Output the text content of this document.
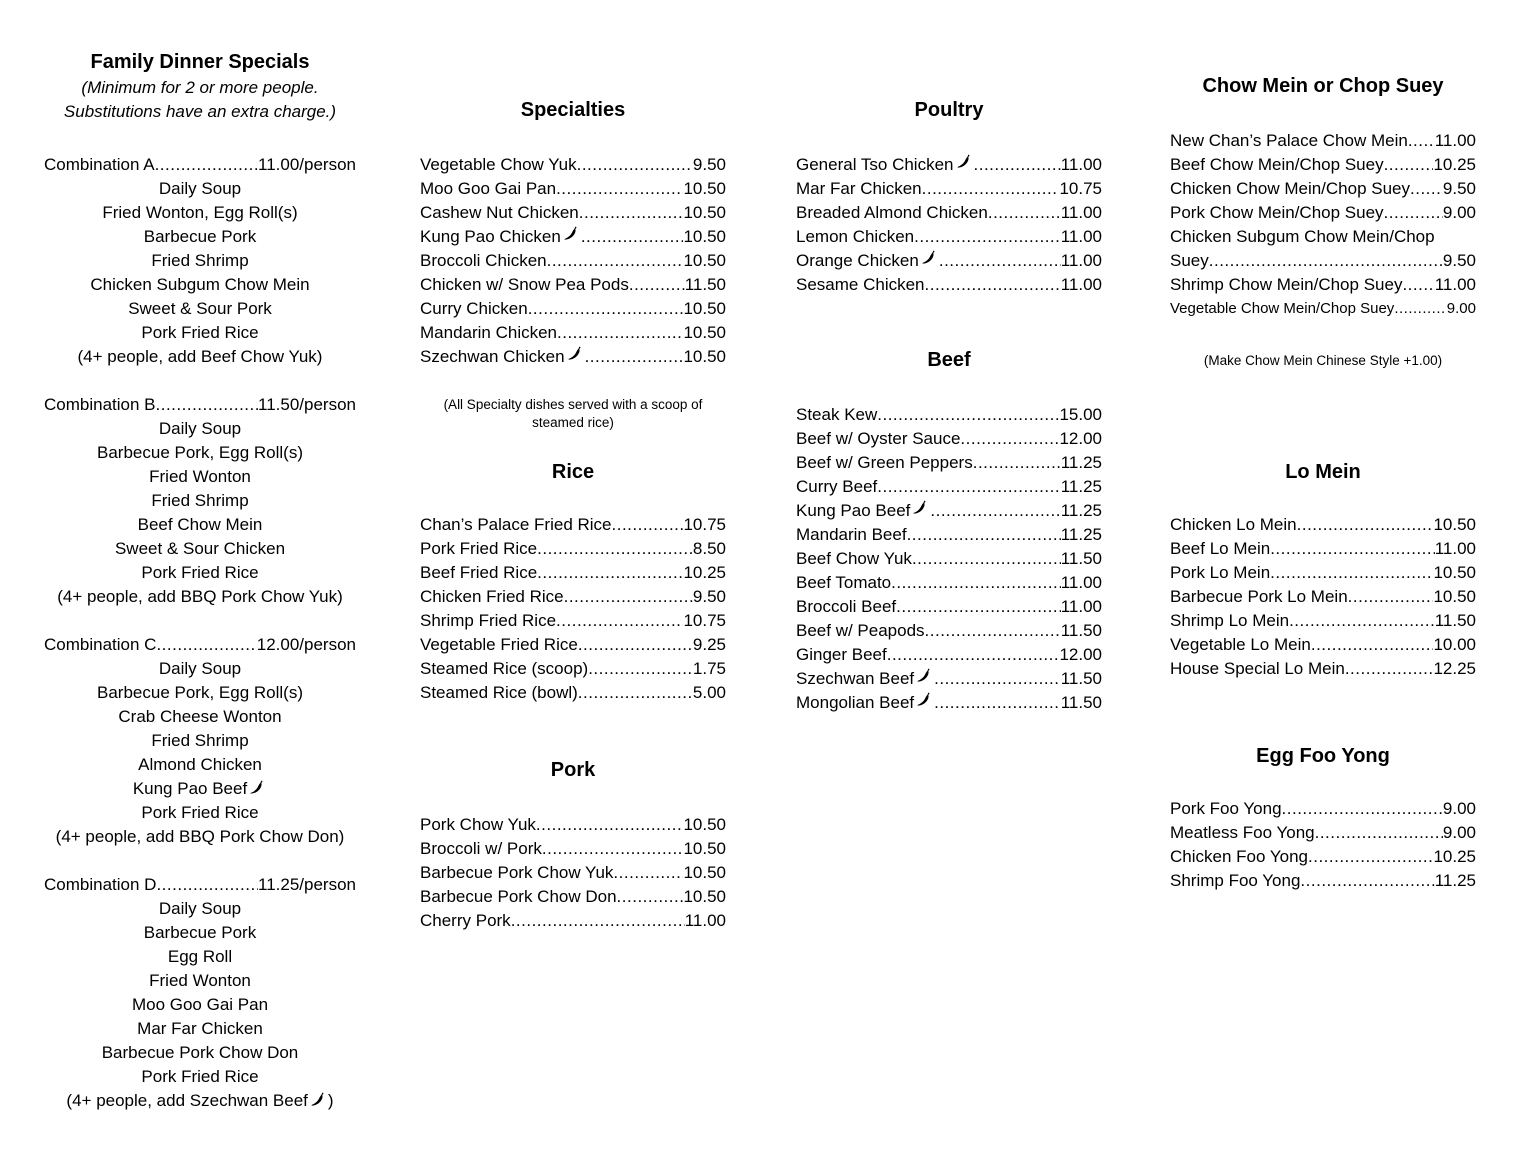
Family Dinner Specials
(Minimum for 2 or more people.
Substitutions have an extra charge.)
Combination A .....	11.00/person
Daily Soup
Fried Wonton, Egg Roll(s)
Barbecue Pork
Fried Shrimp
Chicken Subgum Chow Mein
Sweet & Sour Pork
Pork Fried Rice
(4+ people, add Beef Chow Yuk)
Combination B .....	11.50/person
Daily Soup
Barbecue Pork, Egg Roll(s)
Fried Wonton
Fried Shrimp
Beef Chow Mein
Sweet & Sour Chicken
Pork Fried Rice
(4+ people, add BBQ Pork Chow Yuk)
Combination C .....	12.00/person
Daily Soup
Barbecue Pork, Egg Roll(s)
Crab Cheese Wonton
Fried Shrimp
Almond Chicken
Kung Pao Beef
Pork Fried Rice
(4+ people, add BBQ Pork Chow Don)
Combination D .....	11.25/person
Daily Soup
Barbecue Pork
Egg Roll
Fried Wonton
Moo Goo Gai Pan
Mar Far Chicken
Barbecue Pork Chow Don
Pork Fried Rice
(4+ people, add Szechwan Beef )
Specialties
Vegetable Chow Yuk .....	9.50
Moo Goo Gai Pan .....	10.50
Cashew Nut Chicken .....	10.50
Kung Pao Chicken .....	10.50
Broccoli Chicken .....	10.50
Chicken w/ Snow Pea Pods .....	11.50
Curry Chicken .....	10.50
Mandarin Chicken .....	10.50
Szechwan Chicken .....	10.50
(All Specialty dishes served with a scoop of
steamed rice)
Rice
Chan’s Palace Fried Rice .....	10.75
Pork Fried Rice .....	8.50
Beef Fried Rice .....	10.25
Chicken Fried Rice .....	9.50
Shrimp Fried Rice .....	10.75
Vegetable Fried Rice .....	9.25
Steamed Rice (scoop) .....	1.75
Steamed Rice (bowl) .....	5.00
Pork
Pork Chow Yuk .....	10.50
Broccoli w/ Pork .....	10.50
Barbecue Pork Chow Yuk .....	10.50
Barbecue Pork Chow Don .....	10.50
Cherry Pork .....	11.00
Poultry
General Tso Chicken .....	11.00
Mar Far Chicken .....	10.75
Breaded Almond Chicken .....	11.00
Lemon Chicken .....	11.00
Orange Chicken .....	11.00
Sesame Chicken .....	11.00
Beef
Steak Kew .....	15.00
Beef w/ Oyster Sauce .....	12.00
Beef w/ Green Peppers .....	11.25
Curry Beef .....	11.25
Kung Pao Beef .....	11.25
Mandarin Beef .....	11.25
Beef Chow Yuk .....	11.50
Beef Tomato .....	11.00
Broccoli Beef .....	11.00
Beef w/ Peapods .....	11.50
Ginger Beef .....	12.00
Szechwan Beef .....	11.50
Mongolian Beef .....	11.50
Chow Mein or Chop Suey
New Chan’s Palace Chow Mein ..... 11.00
Beef Chow Mein/Chop Suey .....	10.25
Chicken Chow Mein/Chop Suey ..... 9.50
Pork Chow Mein/Chop Suey .....	9.00
Chicken Subgum Chow Mein/Chop
Suey .....	9.50
Shrimp Chow Mein/Chop Suey ..... 11.00
Vegetable Chow Mein/Chop Suey .....	9.00
(Make Chow Mein Chinese Style +1.00)
Lo Mein
Chicken Lo Mein .....	10.50
Beef Lo Mein .....	11.00
Pork Lo Mein .....	10.50
Barbecue Pork Lo Mein .....	10.50
Shrimp Lo Mein .....	11.50
Vegetable Lo Mein .....	10.00
House Special Lo Mein .....	12.25
Egg Foo Yong
Pork Foo Yong .....	9.00
Meatless Foo Yong .....	9.00
Chicken Foo Yong .....	10.25
Shrimp Foo Yong .....	11.25
